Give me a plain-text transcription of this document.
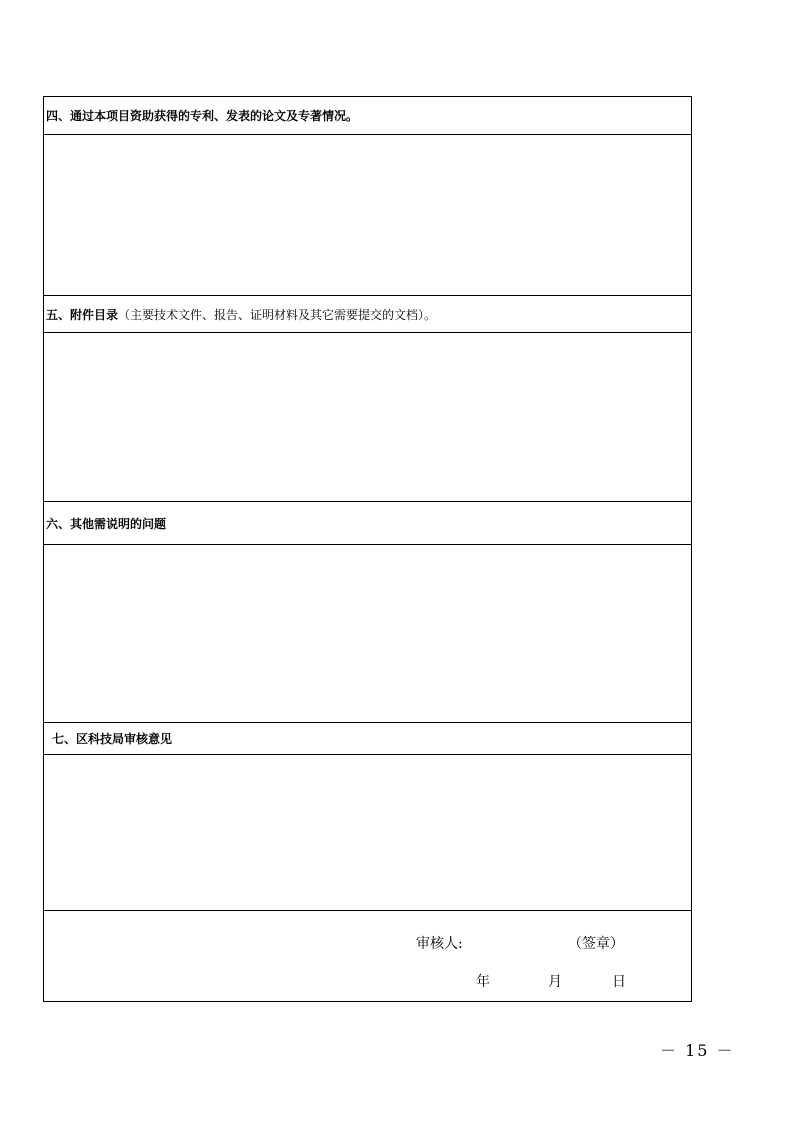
四、通过本项目资助获得的专利、发表的论文及专著情况。
五、附件目录 （主要技术文件、报告、证明材料及其它需要提交的文档）。
六、其他需说明的问题
七、区科技局审核意见
审核人:	（签章）
年	月	日
－ 15 －
